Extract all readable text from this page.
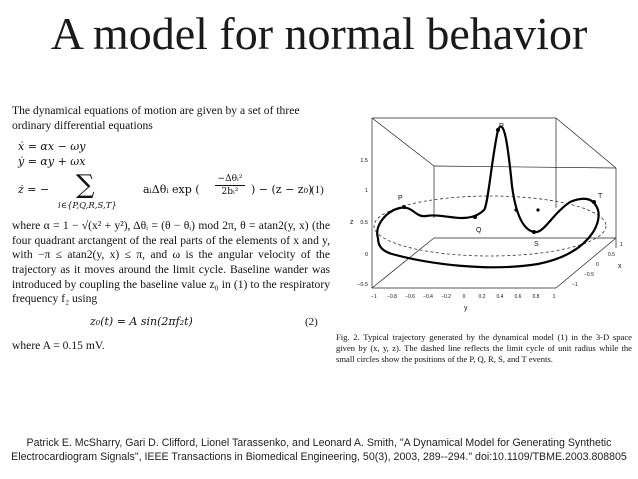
A model for normal behavior

The dynamical equations of motion are given by a set of three ordinary differential equations

ẋ = αx − ωy
ẏ = αy + ωx
ż = − ∑
i∈{P,Q,R,S,T}
aᵢΔθᵢ exp (
−Δθᵢ²
2bᵢ²	) − (z − z₀)
(1)

where α = 1 − √(x² + y²), Δθᵢ = (θ − θᵢ) mod 2π, θ = atan2(y, x) (the four quadrant arctangent of the real parts of the elements of x and y, with −π ≤ atan2(y, x) ≤ π, and ω is the angular velocity of the trajectory as it moves around the limit cycle. Baseline wander was introduced by coupling the baseline value z₀ in (1) to the respiratory frequency f₂ using

z₀(t) = A sin(2πf₂t)	(2)

where A = 0.15 mV.

P
Q
R
S
T
1.5
1
0.5
0
−0.5
z
−1 −0.8 −0.6 −0.4 −0.2 0	0.2 0.4 0.6 0.8	1
y
1
0.5
0
−0.5
−1
x
Fig. 2. Typical trajectory generated by the dynamical model (1) in the 3-D space given by (x, y, z). The dashed line reflects the limit cycle of unit radius while the small circles show the positions of the P, Q, R, S, and T events.
Patrick E. McSharry, Gari D. Clifford, Lionel Tarassenko, and Leonard A. Smith, "A Dynamical Model for Generating Synthetic
Electrocardiogram Signals", IEEE Transactions in Biomedical Engineering, 50(3), 2003, 289--294." doi:10.1109/TBME.2003.808805
